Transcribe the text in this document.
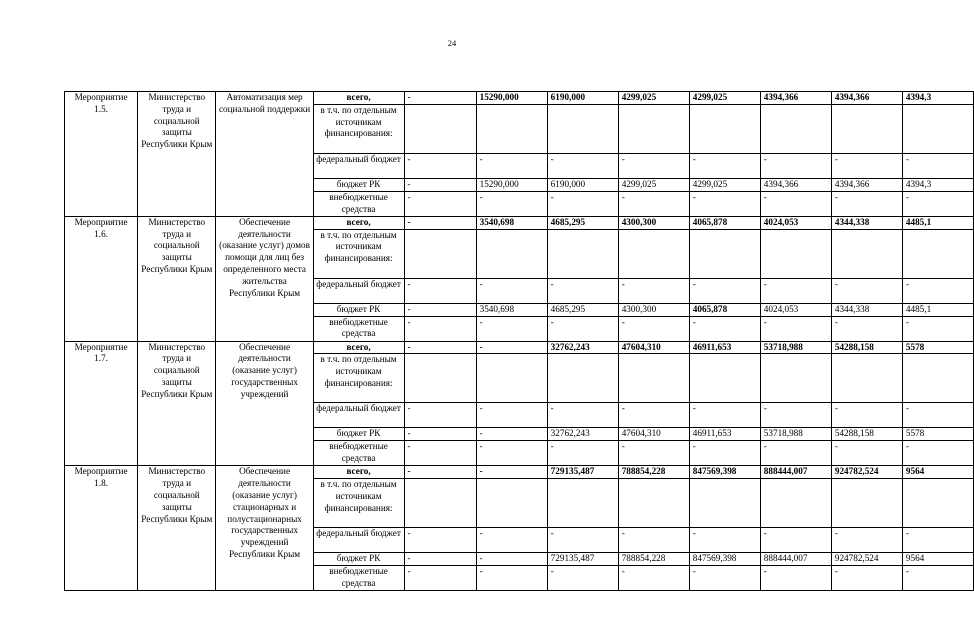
24
Мероприятие 1.5.	Министерство труда и социальной защиты Республики Крым	Автоматизация мер социальной поддержки	всего,	-	15290,000	6190,000	4299,025	4299,025	4394,366	4394,366	4394,3
			в т.ч. по отдельным источникам финансирования:								
			федеральный бюджет	-	-	-	-	-	-	-	-
			бюджет РК	-	15290,000	6190,000	4299,025	4299,025	4394,366	4394,366	4394,3
			внебюджетные средства	-	-	-	-	-	-	-	-
Мероприятие 1.6.	Министерство труда и социальной защиты Республики Крым	Обеспечение деятельности (оказание услуг) домов помощи для лиц без определенного места жительства Республики Крым	всего,	-	3540,698	4685,295	4300,300	4065,878	4024,053	4344,338	4485,1
			в т.ч. по отдельным источникам финансирования:								
			федеральный бюджет	-	-	-	-	-	-	-	-
			бюджет РК	-	3540,698	4685,295	4300,300	4065,878	4024,053	4344,338	4485,1
			внебюджетные средства	-	-	-	-	-	-	-	-
Мероприятие 1.7.	Министерство труда и социальной защиты Республики Крым	Обеспечение деятельности (оказание услуг) государственных учреждений	всего,	-	-	32762,243	47604,310	46911,653	53718,988	54288,158	5578
			в т.ч. по отдельным источникам финансирования:								
			федеральный бюджет	-	-	-	-	-	-	-	-
			бюджет РК	-	-	32762,243	47604,310	46911,653	53718,988	54288,158	5578
			внебюджетные средства	-	-	-	-	-	-	-	-
Мероприятие 1.8.	Министерство труда и социальной защиты Республики Крым	Обеспечение деятельности (оказание услуг) стационарных и полустационарных государственных учреждений Республики Крым	всего,	-	-	729135,487	788854,228	847569,398	888444,007	924782,524	9564
			в т.ч. по отдельным источникам финансирования:								
			федеральный бюджет	-	-	-	-	-	-	-	-
			бюджет РК	-	-	729135,487	788854,228	847569,398	888444,007	924782,524	9564
			внебюджетные средства	-	-	-	-	-	-	-	-
